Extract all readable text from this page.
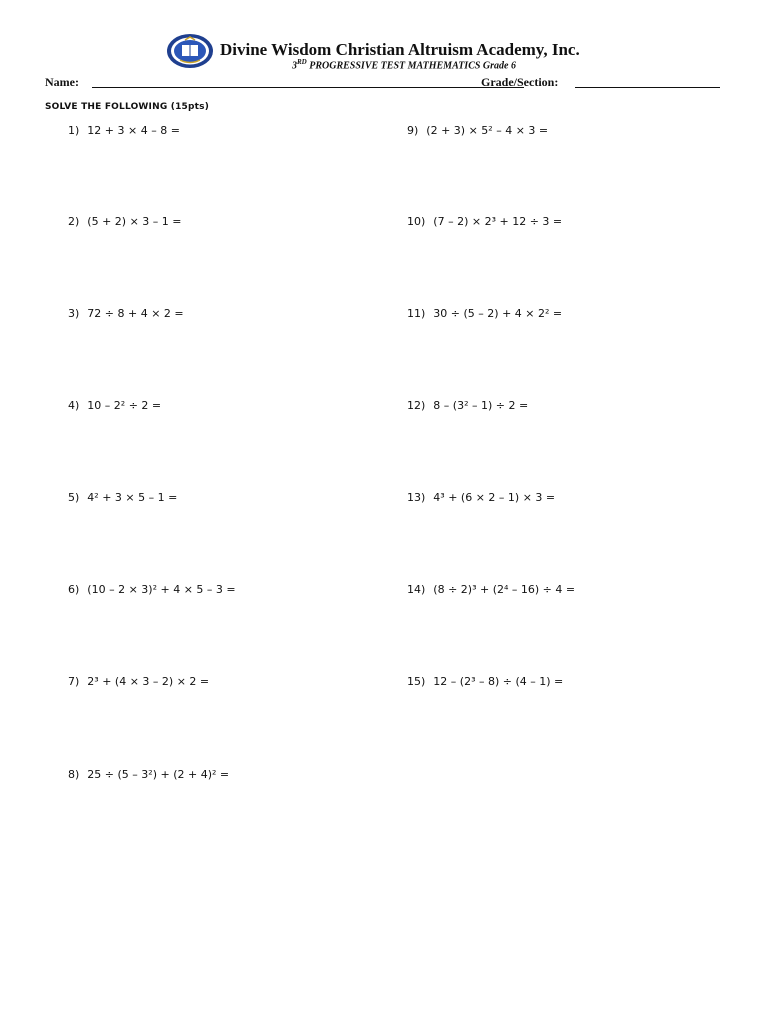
Divine Wisdom Christian Altruism Academy, Inc.
3RD PROGRESSIVE TEST MATHEMATICS Grade 6
Name:	Grade/Section:
SOLVE THE FOLLOWING (15pts)
1) 12 + 3 × 4 – 8 =
2) (5 + 2) × 3 – 1 =
3) 72 ÷ 8 + 4 × 2 =
4) 10 – 2² ÷ 2 =
5) 4² + 3 × 5 – 1 =
6) (10 – 2 × 3)² + 4 × 5 – 3 =
7) 2³ + (4 × 3 – 2) × 2 =
8) 25 ÷ (5 – 3²) + (2 + 4)² =
9) (2 + 3) × 5² – 4 × 3 =
10) (7 – 2) × 2³ + 12 ÷ 3 =
11) 30 ÷ (5 – 2) + 4 × 2² =
12) 8 – (3² – 1) ÷ 2 =
13) 4³ + (6 × 2 – 1) × 3 =
14) (8 ÷ 2)³ + (2⁴ – 16) ÷ 4 =
15) 12 – (2³ – 8) ÷ (4 – 1) =
